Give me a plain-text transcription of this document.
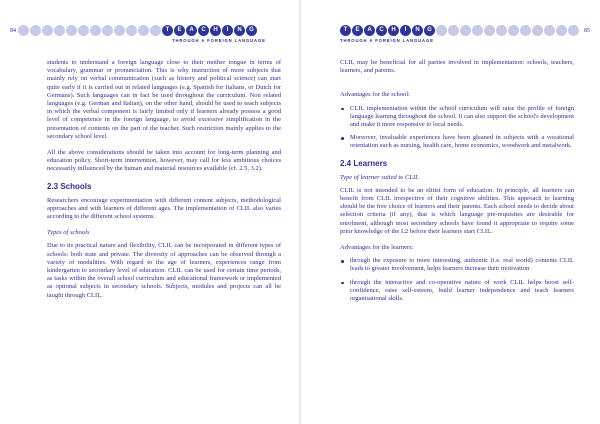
84	T	E	A	C	H	I	N	G
THROUGH A FOREIGN LANGUAGE

students to understand a foreign language close to their mother tongue in terms of vocabulary, grammar or pronunciation. This is why instruction of more subjects that mainly rely on verbal communication (such as history and political science) can start quite early if it is carried out in related languages (e.g. Spanish for Italians, or Dutch for Germans). Such languages can in fact be used throughout the curriculum. Non related languages (e.g. German and Italian), on the other hand, should be used to teach subjects in which the verbal component is fairly limited only if learners already possess a good level of competence in the foreign language, to avoid excessive simplification in the presentation of contents on the part of the teacher. Such restriction mainly applies to the secondary school level.

All the above considerations should be taken into account for long-term planning and education policy. Short-term intervention, however, may call for less ambitious choices necessarily influenced by the human and material resources available (cf. 2.5, 3.2).

2.3 Schools

Researchers encourage experimentation with different content subjects, methodological approaches and with learners of different ages. The implementation of CLIL also varies according to the different school systems.

Types of schools

Due to its practical nature and flexibility, CLIL can be incorporated in different types of schools: both state and private. The diversity of approaches can be observed through a variety of modalities. With regard to the age of learners, experiences range from kindergarten to secondary level of education. CLIL can be used for certain time periods, as tasks within the overall school curriculum and educational framework or implemented as optional subjects in secondary schools. Subjects, modules and projects can all be taught through CLIL.

85
T	E	A	C	H	I	N	G
THROUGH A FOREIGN LANGUAGE

CLIL may be beneficial for all parties involved in implementation: schools, teachers, learners, and parents.

Advantages for the school:

CLIL implementation within the school curriculum will raise the profile of foreign language learning throughout the school. It can also support the school's development and make it more responsive to local needs.
Moreover, invaluable experiences have been gleaned in subjects with a vocational orientation such as nursing, health care, home economics, woodwork and metalwork.
2.4 Learners

Type of learner suited to CLIL

CLIL is not intended to be an elitist form of education. In principle, all learners can benefit from CLIL irrespective of their cognitive abilities. This approach to learning should be the free choice of learners and their parents. Each school needs to decide about selection criteria (if any), that is which language pre-requisites are desirable for enrolment, although most secondary schools have found it appropriate to require some prior knowledge of the L2 before their learners start CLIL.

Advantages for the learners:

through the exposure to more interesting, authentic (i.e. real world) contents CLIL leads to greater involvement, helps learners increase their motivation
through the interactive and co-operative nature of work CLIL helps boost self-confidence, raise self-esteem, build learner independence and teach learners organisational skills.
